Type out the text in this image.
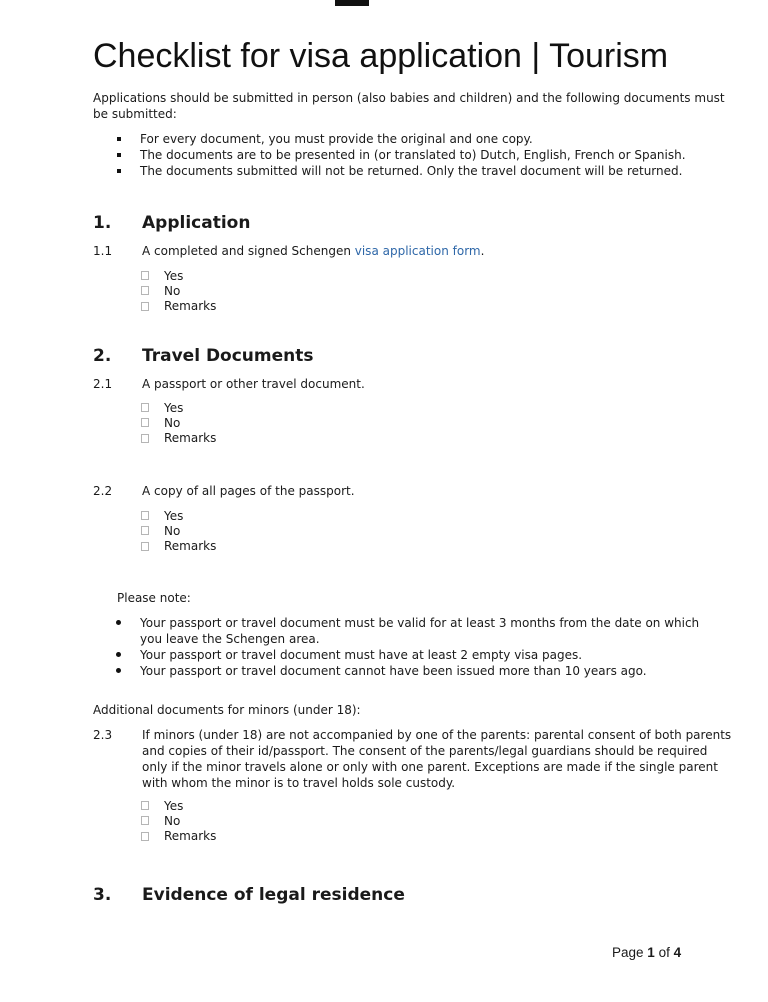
Checklist for visa application | Tourism

Applications should be submitted in person (also babies and children) and the following documents must be submitted:

For every document, you must provide the original and one copy.
The documents are to be presented in (or translated to) Dutch, English, French or Spanish.
The documents submitted will not be returned. Only the travel document will be returned.
1. Application
1.1 A completed and signed Schengen visa application form.

Yes
No
Remarks
2. Travel Documents
2.1 A passport or other travel document.

Yes
No
Remarks
2.2 A copy of all pages of the passport.

Yes
No
Remarks

Please note:

Your passport or travel document must be valid for at least 3 months from the date on which you leave the Schengen area.
Your passport or travel document must have at least 2 empty visa pages.
Your passport or travel document cannot have been issued more than 10 years ago.

Additional documents for minors (under 18):

2.3 If minors (under 18) are not accompanied by one of the parents: parental consent of both parents and copies of their id/passport. The consent of the parents/legal guardians should be required only if the minor travels alone or only with one parent. Exceptions are made if the single parent with whom the minor is to travel holds sole custody.

Yes
No
Remarks
3. Evidence of legal residence
Page 1 of 4
